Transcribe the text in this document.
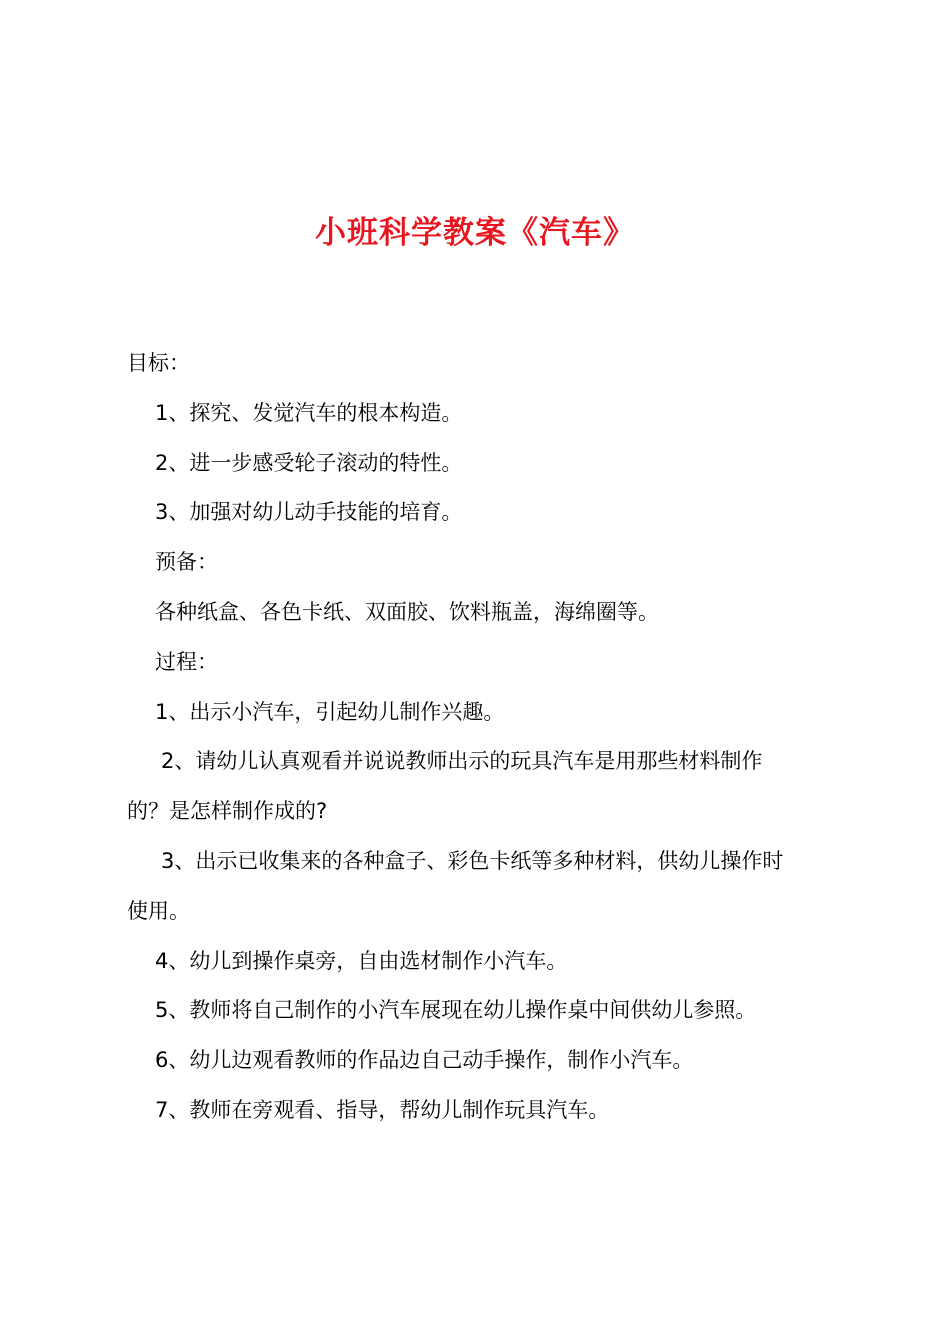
小班科学教案《汽车》
目标：
1、探究、发觉汽车的根本构造。
2、进一步感受轮子滚动的特性。
3、加强对幼儿动手技能的培育。
预备：
各种纸盒、各色卡纸、双面胶、饮料瓶盖，海绵圈等。
过程：
1、出示小汽车，引起幼儿制作兴趣。
2、请幼儿认真观看并说说教师出示的玩具汽车是用那些材料制作
的？是怎样制作成的?
3、出示已收集来的各种盒子、彩色卡纸等多种材料，供幼儿操作时
使用。
4、幼儿到操作桌旁，自由选材制作小汽车。
5、教师将自己制作的小汽车展现在幼儿操作桌中间供幼儿参照。
6、幼儿边观看教师的作品边自己动手操作，制作小汽车。
7、教师在旁观看、指导，帮幼儿制作玩具汽车。
